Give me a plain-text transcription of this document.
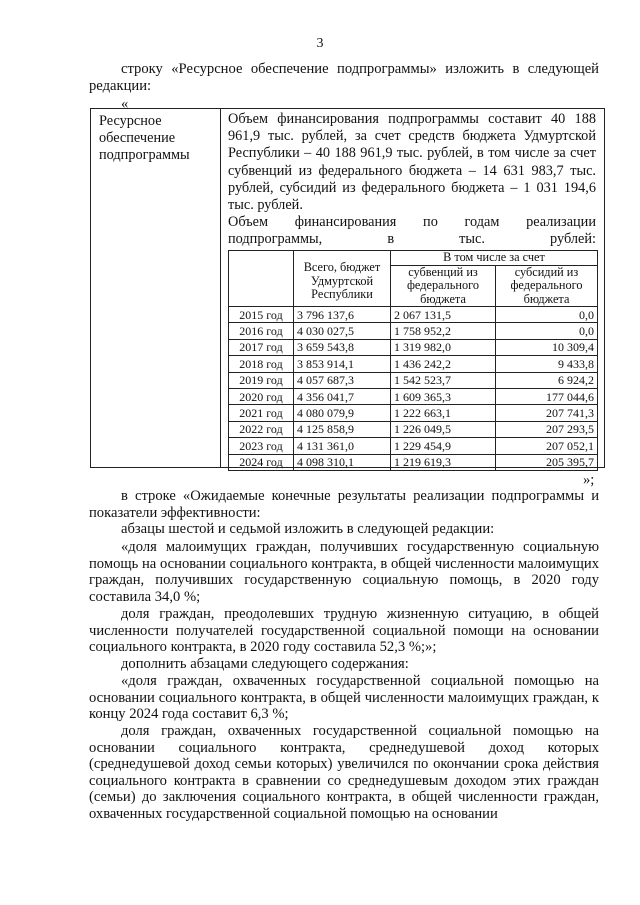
3
строку «Ресурсное обеспечение подпрограммы» изложить в следующей редакции:
«
Ресурсное обеспечение подпрограммы

Объем финансирования подпрограммы составит 40 188 961,9 тыс. рублей, за счет средств бюджета Удмуртской Республики – 40 188 961,9 тыс. рублей, в том числе за счет субвенций из федерального бюджета – 14 631 983,7 тыс. рублей, субсидий из федерального бюджета – 1 031 194,6 тыс. рублей.

Объем финансирования по годам реализации подпрограммы, в тыс. рублей:

	Всего, бюджет Удмуртской Республики	В том числе за счет	
		субвенций из федерального бюджета	субсидий из федерального бюджета
2015 год	3 796 137,6	2 067 131,5	0,0
2016 год	4 030 027,5	1 758 952,2	0,0
2017 год	3 659 543,8	1 319 982,0	10 309,4
2018 год	3 853 914,1	1 436 242,2	9 433,8
2019 год	4 057 687,3	1 542 523,7	6 924,2
2020 год	4 356 041,7	1 609 365,3	177 044,6
2021 год	4 080 079,9	1 222 663,1	207 741,3
2022 год	4 125 858,9	1 226 049,5	207 293,5
2023 год	4 131 361,0	1 229 454,9	207 052,1
2024 год	4 098 310,1	1 219 619,3	205 395,7
»;
в строке «Ожидаемые конечные результаты реализации подпрограммы и показатели эффективности:
абзацы шестой и седьмой изложить в следующей редакции:
«доля малоимущих граждан, получивших государственную социальную помощь на основании социального контракта, в общей численности малоимущих граждан, получивших государственную социальную помощь, в 2020 году составила 34,0 %;
доля граждан, преодолевших трудную жизненную ситуацию, в общей численности получателей государственной социальной помощи на основании социального контракта, в 2020 году составила 52,3 %;»;
дополнить абзацами следующего содержания:
«доля граждан, охваченных государственной социальной помощью на основании социального контракта, в общей численности малоимущих граждан, к концу 2024 года составит 6,3 %;
доля граждан, охваченных государственной социальной помощью на основании социального контракта, среднедушевой доход которых (среднедушевой доход семьи которых) увеличился по окончании срока действия социального контракта в сравнении со среднедушевым доходом этих граждан (семьи) до заключения социального контракта, в общей численности граждан, охваченных государственной социальной помощью на основании
